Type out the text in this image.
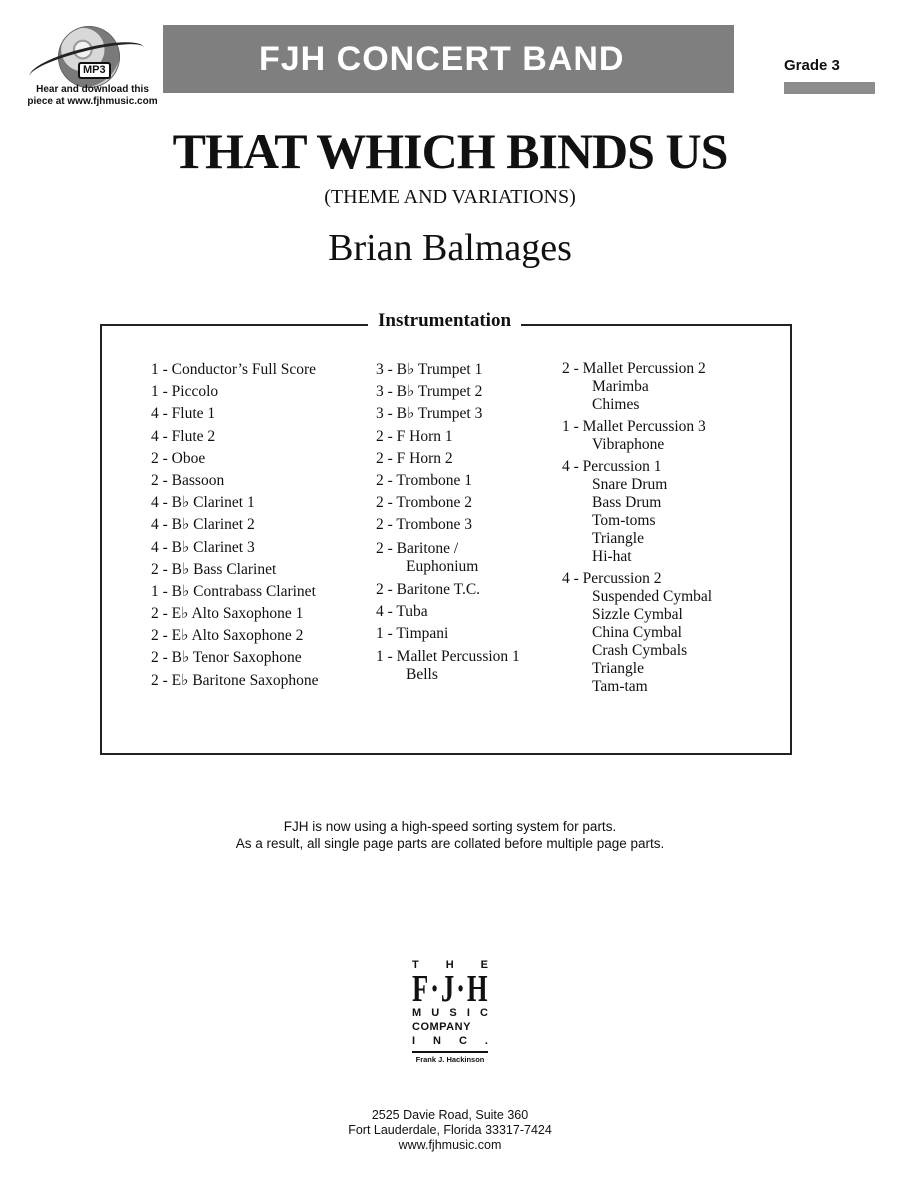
MP3
Hear and download this
piece at www.fjhmusic.com
FJH CONCERT BAND	Grade 3
THAT WHICH BINDS US
(THEME AND VARIATIONS)
Brian Balmages
Instrumentation
1 - Conductor’s Full Score
1 - Piccolo
4 - Flute 1
4 - Flute 2
2 - Oboe
2 - Bassoon
4 - B♭ Clarinet 1
4 - B♭ Clarinet 2
4 - B♭ Clarinet 3
2 - B♭ Bass Clarinet
1 - B♭ Contrabass Clarinet
2 - E♭ Alto Saxophone 1
2 - E♭ Alto Saxophone 2
2 - B♭ Tenor Saxophone
2 - E♭ Baritone Saxophone
3 - B♭ Trumpet 1
3 - B♭ Trumpet 2
3 - B♭ Trumpet 3
2 - F Horn 1
2 - F Horn 2
2 - Trombone 1
2 - Trombone 2
2 - Trombone 3
2 - Baritone /
Euphonium
2 - Baritone T.C.
4 - Tuba
1 - Timpani
1 - Mallet Percussion 1
Bells
2 - Mallet Percussion 2
Marimba
Chimes
1 - Mallet Percussion 3
Vibraphone
4 - Percussion 1
Snare Drum
Bass Drum
Tom-toms
Triangle
Hi-hat
4 - Percussion 2
Suspended Cymbal
Sizzle Cymbal
China Cymbal
Crash Cymbals
Triangle
Tam-tam
FJH is now using a high-speed sorting system for parts.
As a result, all single page parts are collated before multiple page parts.
T H E
F · J · H
M U S I C
COMPANY
I N C .
Frank J. Hackinson
2525 Davie Road, Suite 360
Fort Lauderdale, Florida 33317-7424
www.fjhmusic.com
